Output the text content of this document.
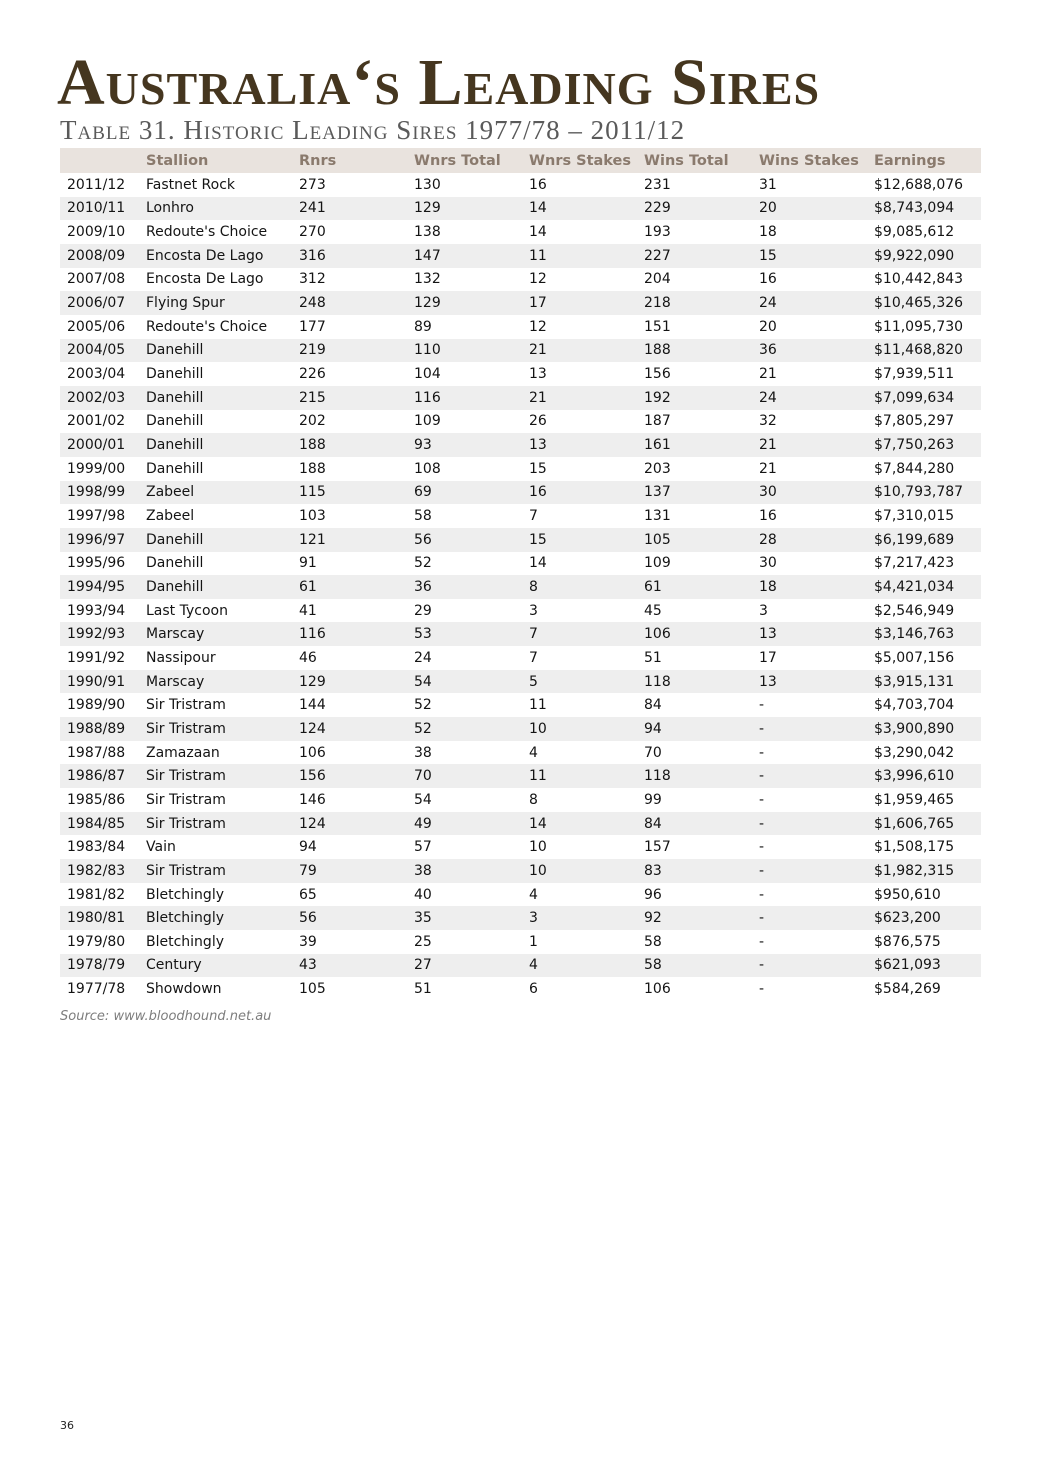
Australia‘s Leading Sires
Table 31. Historic Leading Sires 1977/78 – 2011/12
	Stallion	Rnrs	Wnrs Total	Wnrs Stakes	Wins Total	Wins Stakes	Earnings
2011/12	Fastnet Rock	273	130	16	231	31	$12,688,076
2010/11	Lonhro	241	129	14	229	20	$8,743,094
2009/10	Redoute's Choice	270	138	14	193	18	$9,085,612
2008/09	Encosta De Lago	316	147	11	227	15	$9,922,090
2007/08	Encosta De Lago	312	132	12	204	16	$10,442,843
2006/07	Flying Spur	248	129	17	218	24	$10,465,326
2005/06	Redoute's Choice	177	89	12	151	20	$11,095,730
2004/05	Danehill	219	110	21	188	36	$11,468,820
2003/04	Danehill	226	104	13	156	21	$7,939,511
2002/03	Danehill	215	116	21	192	24	$7,099,634
2001/02	Danehill	202	109	26	187	32	$7,805,297
2000/01	Danehill	188	93	13	161	21	$7,750,263
1999/00	Danehill	188	108	15	203	21	$7,844,280
1998/99	Zabeel	115	69	16	137	30	$10,793,787
1997/98	Zabeel	103	58	7	131	16	$7,310,015
1996/97	Danehill	121	56	15	105	28	$6,199,689
1995/96	Danehill	91	52	14	109	30	$7,217,423
1994/95	Danehill	61	36	8	61	18	$4,421,034
1993/94	Last Tycoon	41	29	3	45	3	$2,546,949
1992/93	Marscay	116	53	7	106	13	$3,146,763
1991/92	Nassipour	46	24	7	51	17	$5,007,156
1990/91	Marscay	129	54	5	118	13	$3,915,131
1989/90	Sir Tristram	144	52	11	84	-	$4,703,704
1988/89	Sir Tristram	124	52	10	94	-	$3,900,890
1987/88	Zamazaan	106	38	4	70	-	$3,290,042
1986/87	Sir Tristram	156	70	11	118	-	$3,996,610
1985/86	Sir Tristram	146	54	8	99	-	$1,959,465
1984/85	Sir Tristram	124	49	14	84	-	$1,606,765
1983/84	Vain	94	57	10	157	-	$1,508,175
1982/83	Sir Tristram	79	38	10	83	-	$1,982,315
1981/82	Bletchingly	65	40	4	96	-	$950,610
1980/81	Bletchingly	56	35	3	92	-	$623,200
1979/80	Bletchingly	39	25	1	58	-	$876,575
1978/79	Century	43	27	4	58	-	$621,093
1977/78	Showdown	105	51	6	106	-	$584,269
Source: www.bloodhound.net.au
36
